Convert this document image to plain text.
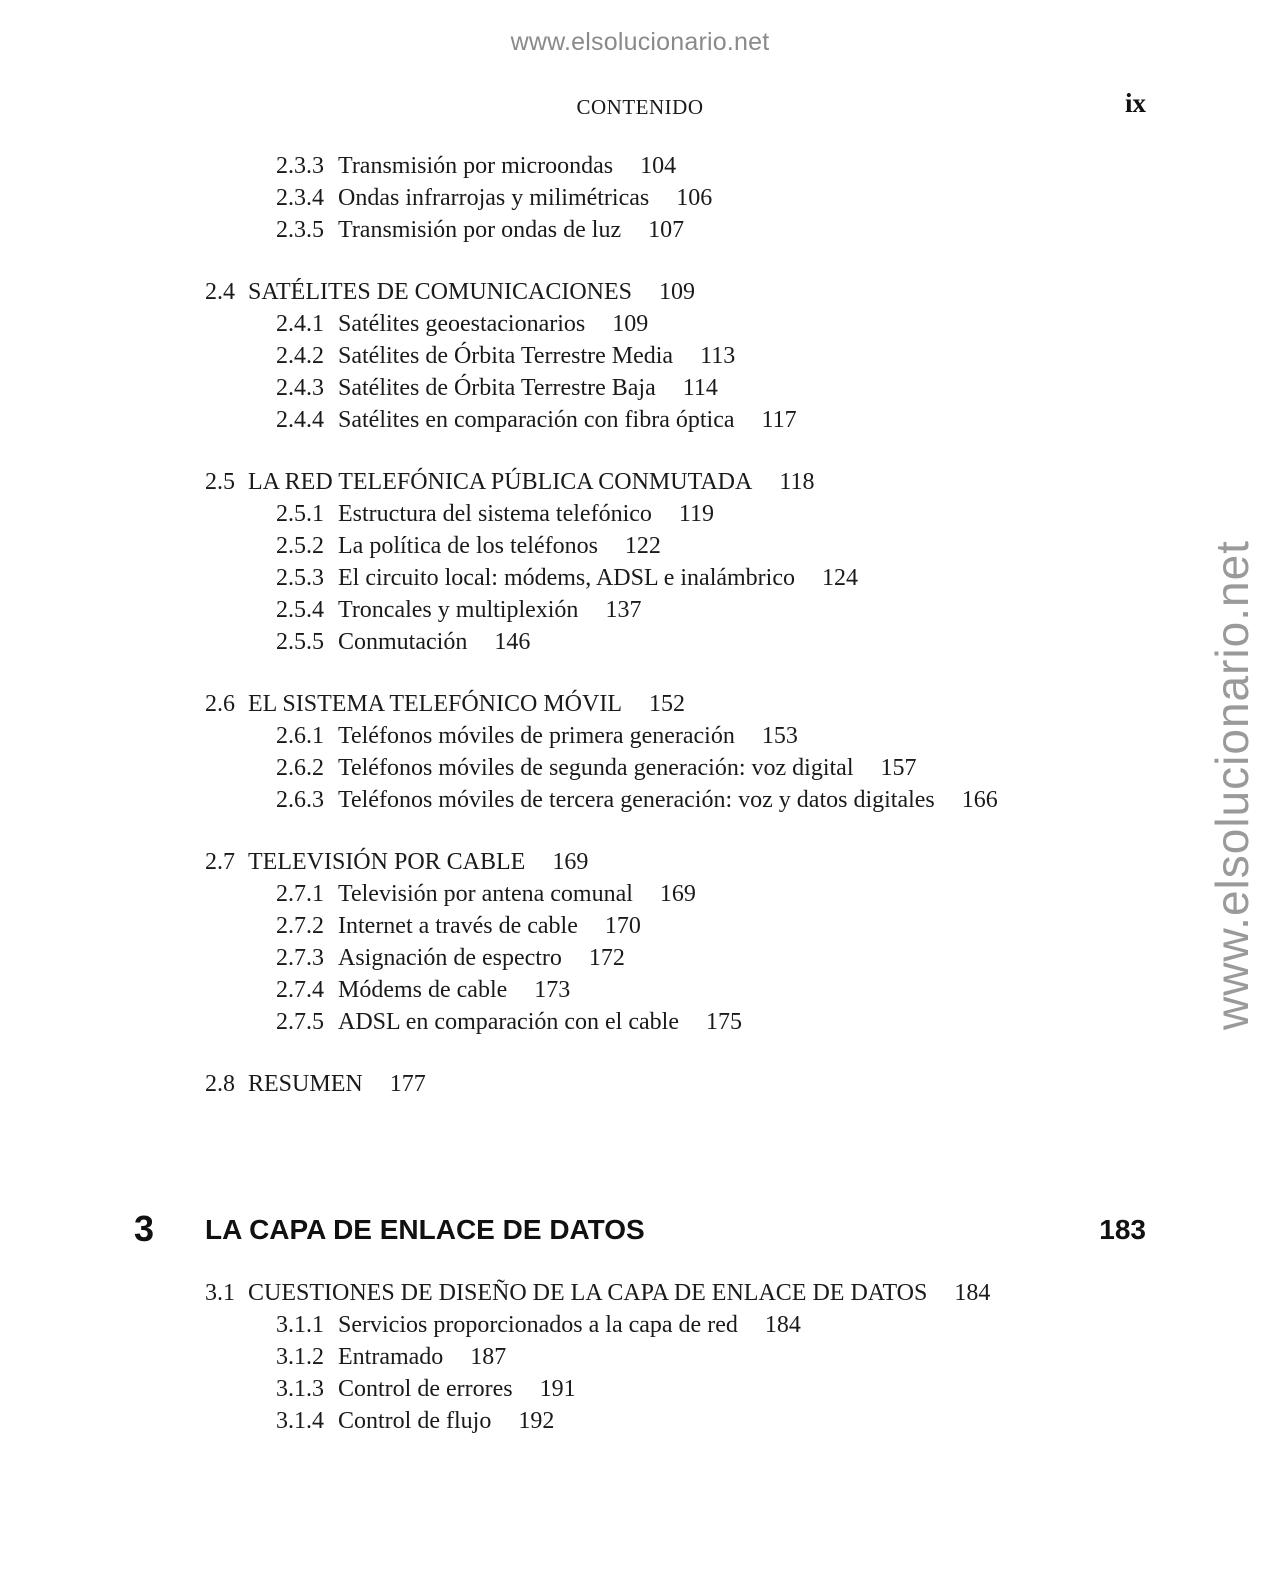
www.elsolucionario.net
www.elsolucionario.net
CONTENIDO	ix
2.3.3 Transmisión por microondas 104
2.3.4 Ondas infrarrojas y milimétricas 106
2.3.5 Transmisión por ondas de luz 107
2.4 SATÉLITES DE COMUNICACIONES 109
2.4.1 Satélites geoestacionarios 109
2.4.2 Satélites de Órbita Terrestre Media 113
2.4.3 Satélites de Órbita Terrestre Baja 114
2.4.4 Satélites en comparación con fibra óptica 117
2.5 LA RED TELEFÓNICA PÚBLICA CONMUTADA 118
2.5.1 Estructura del sistema telefónico 119
2.5.2 La política de los teléfonos 122
2.5.3 El circuito local: módems, ADSL e inalámbrico 124
2.5.4 Troncales y multiplexión 137
2.5.5 Conmutación 146
2.6 EL SISTEMA TELEFÓNICO MÓVIL 152
2.6.1 Teléfonos móviles de primera generación 153
2.6.2 Teléfonos móviles de segunda generación: voz digital 157
2.6.3 Teléfonos móviles de tercera generación: voz y datos digitales 166
2.7 TELEVISIÓN POR CABLE 169
2.7.1 Televisión por antena comunal 169
2.7.2 Internet a través de cable 170
2.7.3 Asignación de espectro 172
2.7.4 Módems de cable 173
2.7.5 ADSL en comparación con el cable 175
2.8 RESUMEN 177
3 LA CAPA DE ENLACE DE DATOS	183
3.1 CUESTIONES DE DISEÑO DE LA CAPA DE ENLACE DE DATOS 184
3.1.1 Servicios proporcionados a la capa de red 184
3.1.2 Entramado 187
3.1.3 Control de errores 191
3.1.4 Control de flujo 192
